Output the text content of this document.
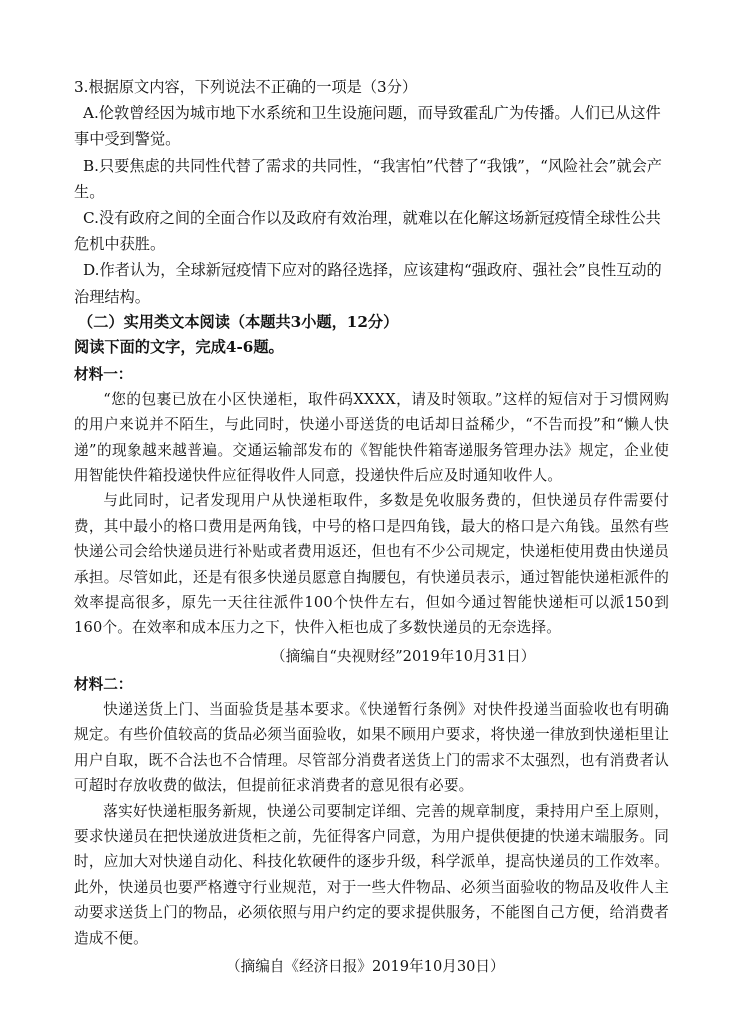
3.根据原文内容，下列说法不正确的一项是（3分）

A.伦敦曾经因为城市地下水系统和卫生设施问题，而导致霍乱广为传播。人们已从这件事中受到警觉。

B.只要焦虑的共同性代替了需求的共同性，“我害怕”代替了“我饿”，“风险社会”就会产生。

C.没有政府之间的全面合作以及政府有效治理，就难以在化解这场新冠疫情全球性公共危机中获胜。

D.作者认为，全球新冠疫情下应对的路径选择，应该建构“强政府、强社会”良性互动的治理结构。

（二）实用类文本阅读（本题共3小题，12分）

阅读下面的文字，完成4-6题。

材料一：

“您的包裹已放在小区快递柜，取件码XXXX，请及时领取。”这样的短信对于习惯网购的用户来说并不陌生，与此同时，快递小哥送货的电话却日益稀少，“不告而投”和“懒人快递”的现象越来越普遍。交通运输部发布的《智能快件箱寄递服务管理办法》规定，企业使用智能快件箱投递快件应征得收件人同意，投递快件后应及时通知收件人。

与此同时，记者发现用户从快递柜取件，多数是免收服务费的，但快递员存件需要付费，其中最小的格口费用是两角钱，中号的格口是四角钱，最大的格口是六角钱。虽然有些快递公司会给快递员进行补贴或者费用返还，但也有不少公司规定，快递柜使用费由快递员承担。尽管如此，还是有很多快递员愿意自掏腰包，有快递员表示，通过智能快递柜派件的效率提高很多，原先一天往往派件100个快件左右，但如今通过智能快递柜可以派150到160个。在效率和成本压力之下，快件入柜也成了多数快递员的无奈选择。

（摘编自“央视财经”2019年10月31日）

材料二：

快递送货上门、当面验货是基本要求。《快递暂行条例》对快件投递当面验收也有明确规定。有些价值较高的货品必须当面验收，如果不顾用户要求，将快递一律放到快递柜里让用户自取，既不合法也不合情理。尽管部分消费者送货上门的需求不太强烈，也有消费者认可超时存放收费的做法，但提前征求消费者的意见很有必要。

落实好快递柜服务新规，快递公司要制定详细、完善的规章制度，秉持用户至上原则，要求快递员在把快递放进货柜之前，先征得客户同意，为用户提供便捷的快递末端服务。同时，应加大对快递自动化、科技化软硬件的逐步升级，科学派单，提高快递员的工作效率。此外，快递员也要严格遵守行业规范，对于一些大件物品、必须当面验收的物品及收件人主动要求送货上门的物品，必须依照与用户约定的要求提供服务，不能图自己方便，给消费者造成不便。

（摘编自《经济日报》2019年10月30日）
